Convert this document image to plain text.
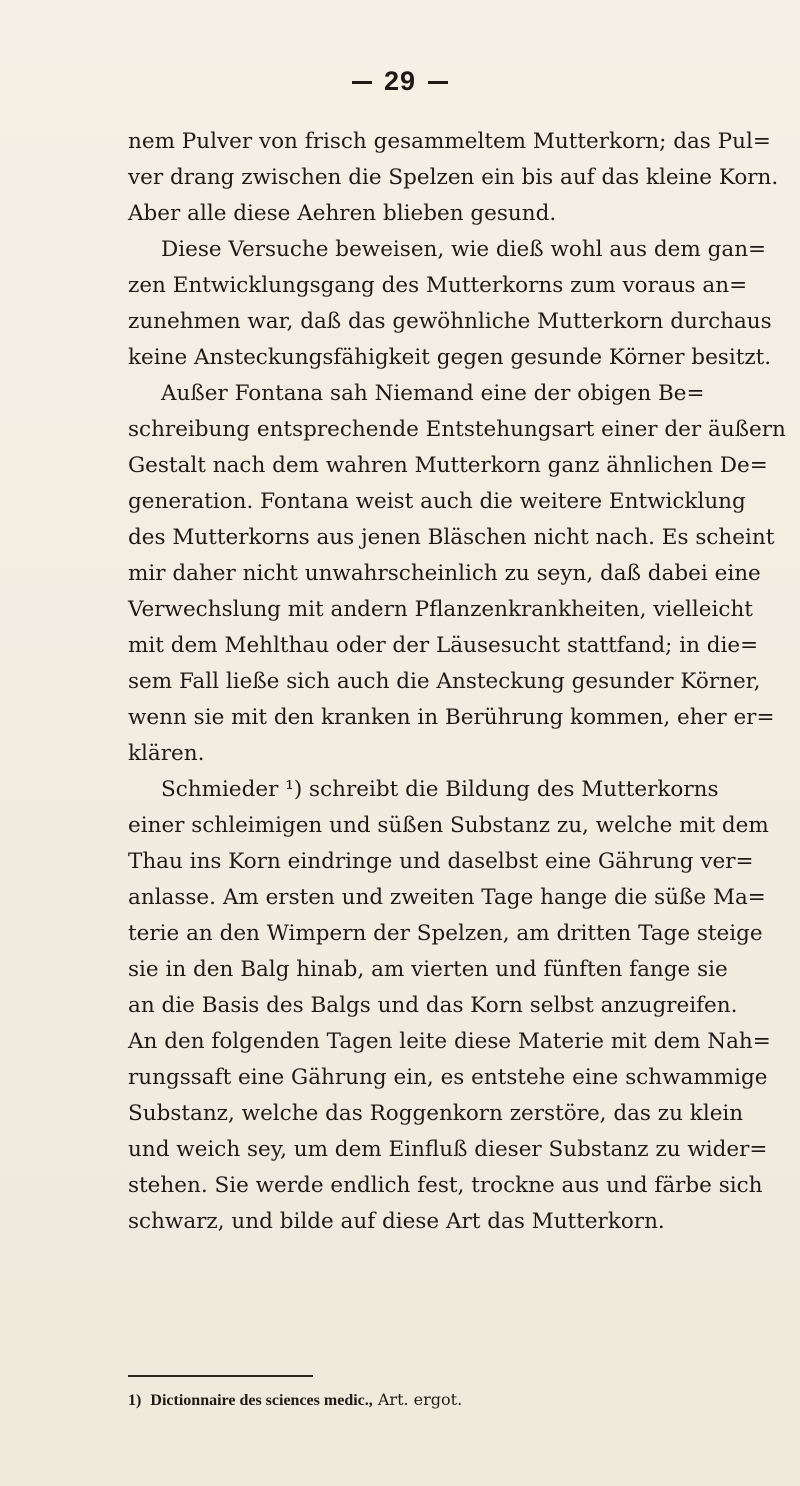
29
nem Pulver von frisch gesammeltem Mutterkorn; das Pul=
ver drang zwischen die Spelzen ein bis auf das kleine Korn.
Aber alle diese Aehren blieben gesund.
Diese Versuche beweisen, wie dieß wohl aus dem gan=
zen Entwicklungsgang des Mutterkorns zum voraus an=
zunehmen war, daß das gewöhnliche Mutterkorn durchaus
keine Ansteckungsfähigkeit gegen gesunde Körner besitzt.
Außer Fontana sah Niemand eine der obigen Be=
schreibung entsprechende Entstehungsart einer der äußern
Gestalt nach dem wahren Mutterkorn ganz ähnlichen De=
generation. Fontana weist auch die weitere Entwicklung
des Mutterkorns aus jenen Bläschen nicht nach. Es scheint
mir daher nicht unwahrscheinlich zu seyn, daß dabei eine
Verwechslung mit andern Pflanzenkrankheiten, vielleicht
mit dem Mehlthau oder der Läusesucht stattfand; in die=
sem Fall ließe sich auch die Ansteckung gesunder Körner,
wenn sie mit den kranken in Berührung kommen, eher er=
klären.
Schmieder ¹) schreibt die Bildung des Mutterkorns
einer schleimigen und süßen Substanz zu, welche mit dem
Thau ins Korn eindringe und daselbst eine Gährung ver=
anlasse. Am ersten und zweiten Tage hange die süße Ma=
terie an den Wimpern der Spelzen, am dritten Tage steige
sie in den Balg hinab, am vierten und fünften fange sie
an die Basis des Balgs und das Korn selbst anzugreifen.
An den folgenden Tagen leite diese Materie mit dem Nah=
rungssaft eine Gährung ein, es entstehe eine schwammige
Substanz, welche das Roggenkorn zerstöre, das zu klein
und weich sey, um dem Einfluß dieser Substanz zu wider=
stehen. Sie werde endlich fest, trockne aus und färbe sich
schwarz, und bilde auf diese Art das Mutterkorn.
1) Dictionnaire des sciences medic., Art. ergot.
